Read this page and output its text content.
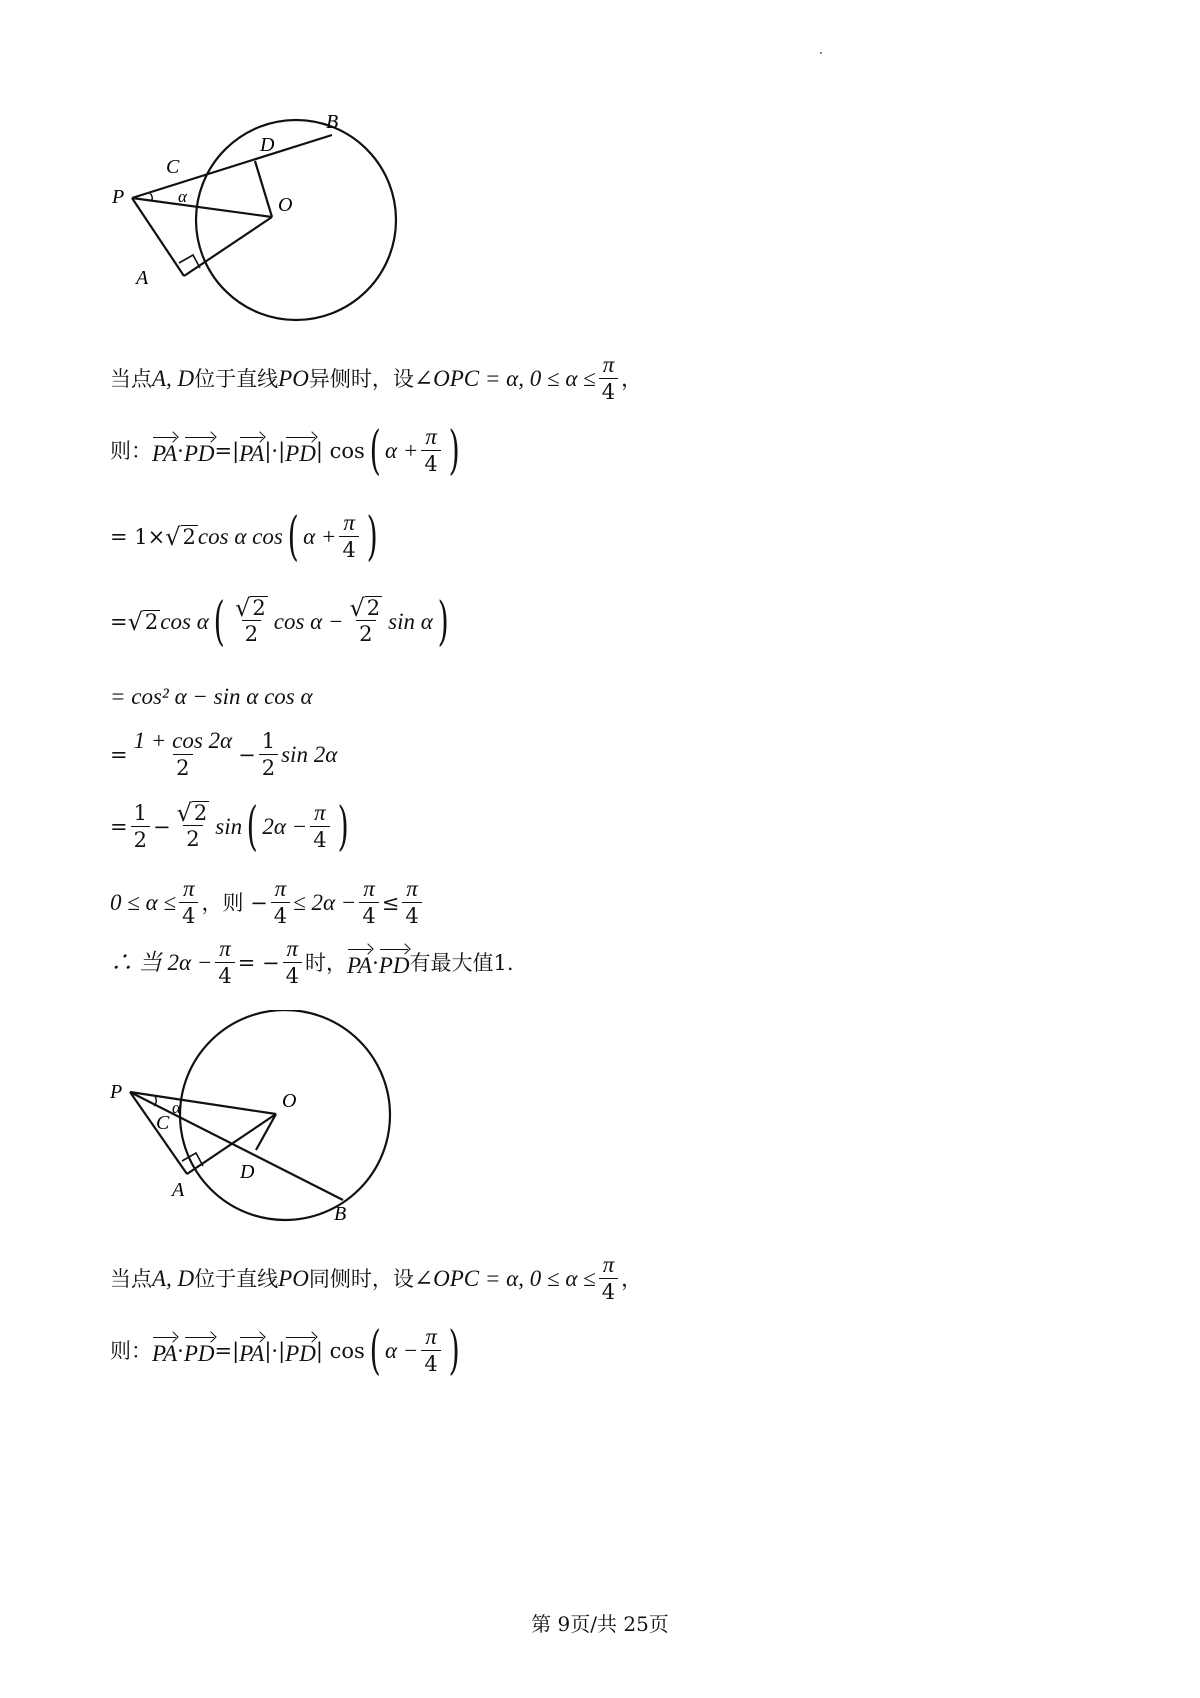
B
D
C
α
P	O
A
当点 A, D 位于直线 PO 异侧时，设 ∠OPC = α, $0 \le \alpha \le \frac{\pi}{4}$ ，
则： PA · PD =| PA |·| PD | cos ( $\alpha + \frac{\pi}{4}$ )
= 1× √ 2 cos α cos ( $\alpha + \frac{\pi}{4}$ )
= √ 2 cos α ( $\frac{√ 2}{2}$ $\cos \alpha - \frac{√ 2}{2}$ sin α )
= cos² α − sin α cos α
= $\frac{1 + \cos 2\alpha}{2} - \frac{1}{2}$ sin 2α
= $\frac{1}{2} - \frac{√ 2}{2}$ sin ( $2\alpha - \frac{\pi}{4}$ )
$0 \le \alpha \le \frac{\pi}{4}$ ，则 − $\frac{\pi}{4} \le 2\alpha - \frac{\pi}{4} \le \frac{\pi}{4}$
∴ 当 $2\alpha - \frac{\pi}{4}$ = − $\frac{\pi}{4}$ 时， PA · PD 有最大值1.
P	O
α
C
A
D
B
当点 A, D 位于直线 PO 同侧时，设 ∠OPC = α, $0 \le \alpha \le \frac{\pi}{4}$ ，
则： PA · PD =| PA |·| PD | cos ( $\alpha - \frac{\pi}{4}$ )
第 9页/共 25页
